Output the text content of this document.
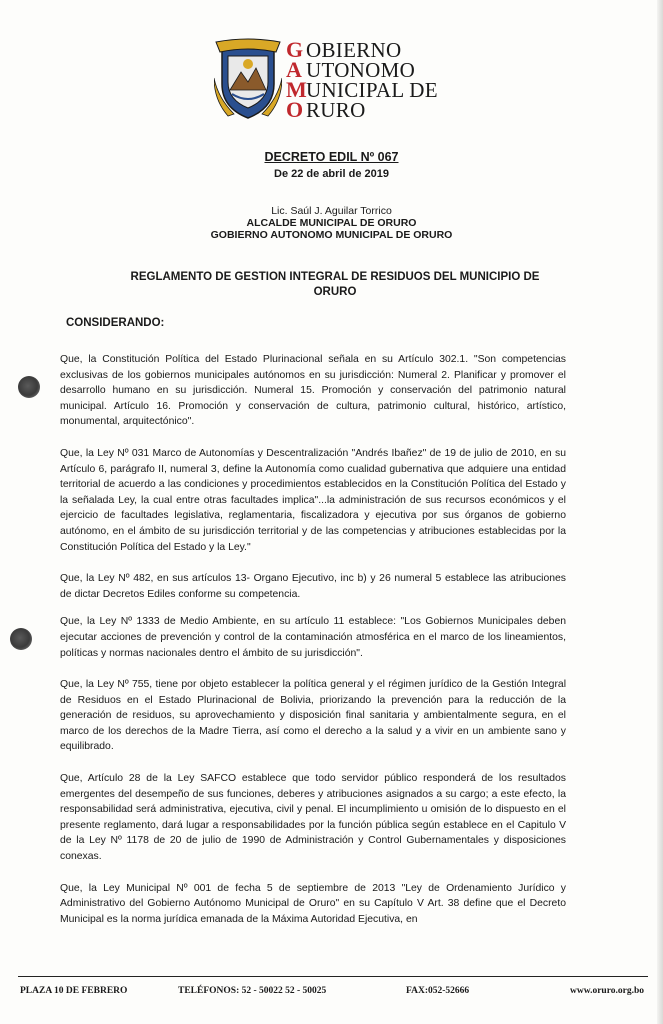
G
A
M
O
OBIERNO
UTONOMO
UNICIPAL DE
RURO
DECRETO EDIL Nº 067
De 22 de abril de 2019
Lic. Saúl J. Aguilar Torrico
ALCALDE MUNICIPAL DE ORURO
GOBIERNO AUTONOMO MUNICIPAL DE ORURO
REGLAMENTO DE GESTION INTEGRAL DE RESIDUOS DEL MUNICIPIO DE ORURO
CONSIDERANDO:

Que, la Constitución Política del Estado Plurinacional señala en su Artículo 302.1. "Son competencias exclusivas de los gobiernos municipales autónomos en su jurisdicción: Numeral 2. Planificar y promover el desarrollo humano en su jurisdicción. Numeral 15. Promoción y conservación del patrimonio natural municipal. Artículo 16. Promoción y conservación de cultura, patrimonio cultural, histórico, artístico, monumental, arquitectónico".

Que, la Ley Nº 031 Marco de Autonomías y Descentralización "Andrés Ibañez" de 19 de julio de 2010, en su Artículo 6, parágrafo II, numeral 3, define la Autonomía como cualidad gubernativa que adquiere una entidad territorial de acuerdo a las condiciones y procedimientos establecidos en la Constitución Política del Estado y la señalada Ley, la cual entre otras facultades implica"...la administración de sus recursos económicos y el ejercicio de facultades legislativa, reglamentaria, fiscalizadora y ejecutiva por sus órganos de gobierno autónomo, en el ámbito de su jurisdicción territorial y de las competencias y atribuciones establecidas por la Constitución Política del Estado y la Ley."

Que, la Ley Nº 482, en sus artículos 13- Organo Ejecutivo, inc b) y 26 numeral 5 establece las atribuciones de dictar Decretos Ediles conforme su competencia.

Que, la Ley Nº 1333 de Medio Ambiente, en su artículo 11 establece: "Los Gobiernos Municipales deben ejecutar acciones de prevención y control de la contaminación atmosférica en el marco de los lineamientos, políticas y normas nacionales dentro el ámbito de su jurisdicción".

Que, la Ley Nº 755, tiene por objeto establecer la política general y el régimen jurídico de la Gestión Integral de Residuos en el Estado Plurinacional de Bolivia, priorizando la prevención para la reducción de la generación de residuos, su aprovechamiento y disposición final sanitaria y ambientalmente segura, en el marco de los derechos de la Madre Tierra, así como el derecho a la salud y a vivir en un ambiente sano y equilibrado.

Que, Artículo 28 de la Ley SAFCO establece que todo servidor público responderá de los resultados emergentes del desempeño de sus funciones, deberes y atribuciones asignados a su cargo; a este efecto, la responsabilidad será administrativa, ejecutiva, civil y penal. El incumplimiento u omisión de lo dispuesto en el presente reglamento, dará lugar a responsabilidades por la función pública según establece en el Capitulo V de la Ley Nº 1178 de 20 de julio de 1990 de Administración y Control Gubernamentales y disposiciones conexas.

Que, la Ley Municipal Nº 001 de fecha 5 de septiembre de 2013 "Ley de Ordenamiento Jurídico y Administrativo del Gobierno Autónomo Municipal de Oruro" en su Capítulo V Art. 38 define que el Decreto Municipal es la norma jurídica emanada de la Máxima Autoridad Ejecutiva, en

PLAZA 10 DE FEBRERO	TELÉFONOS: 52 - 50022 52 - 50025	FAX:052-52666	www.oruro.org.bo
